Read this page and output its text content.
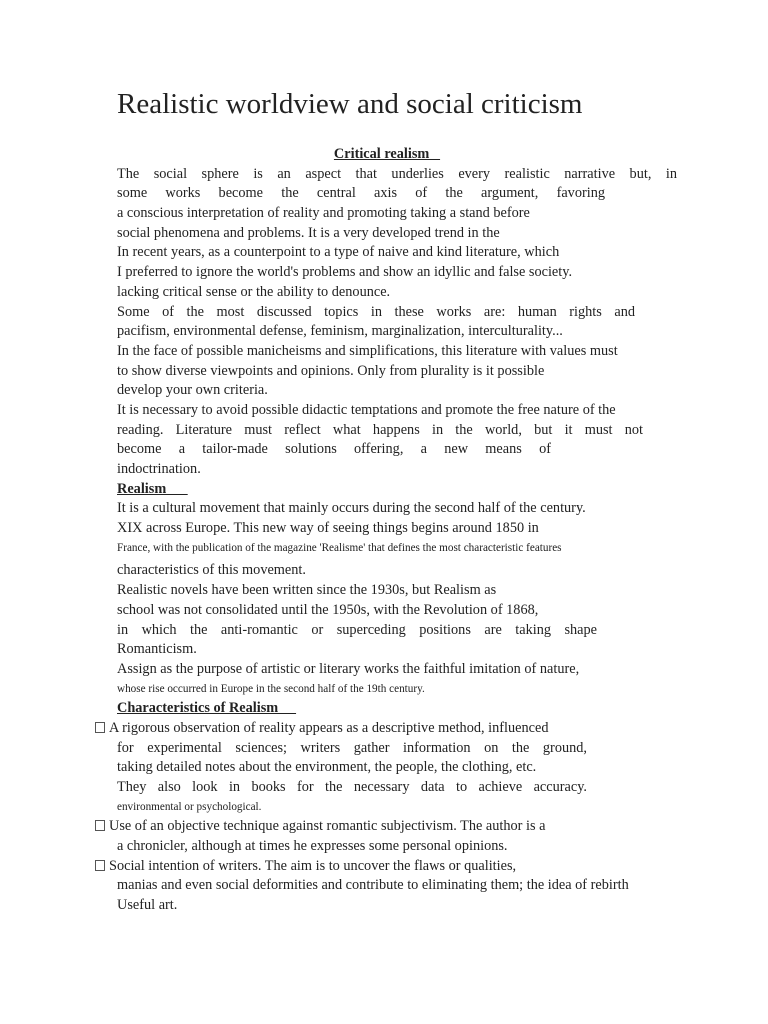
Realistic worldview and social criticism
Critical realism
The social sphere is an aspect that underlies every realistic narrative but, in
some works become the central axis of the argument, favoring
a conscious interpretation of reality and promoting taking a stand before
social phenomena and problems. It is a very developed trend in the
In recent years, as a counterpoint to a type of naive and kind literature, which
I preferred to ignore the world's problems and show an idyllic and false society.
lacking critical sense or the ability to denounce.
Some of the most discussed topics in these works are: human rights and
pacifism, environmental defense, feminism, marginalization, interculturality...
In the face of possible manicheisms and simplifications, this literature with values must
to show diverse viewpoints and opinions. Only from plurality is it possible
develop your own criteria.
It is necessary to avoid possible didactic temptations and promote the free nature of the
reading. Literature must reflect what happens in the world, but it must not
become a tailor-made solutions offering, a new means of
indoctrination.
Realism
It is a cultural movement that mainly occurs during the second half of the century.
XIX across Europe. This new way of seeing things begins around 1850 in
France, with the publication of the magazine 'Realisme' that defines the most characteristic features
characteristics of this movement.
Realistic novels have been written since the 1930s, but Realism as
school was not consolidated until the 1950s, with the Revolution of 1868,
in which the anti-romantic or superceding positions are taking shape
Romanticism.
Assign as the purpose of artistic or literary works the faithful imitation of nature,
whose rise occurred in Europe in the second half of the 19th century.
Characteristics of Realism
A rigorous observation of reality appears as a descriptive method, influenced
for experimental sciences; writers gather information on the ground,
taking detailed notes about the environment, the people, the clothing, etc.
They also look in books for the necessary data to achieve accuracy.
environmental or psychological.
Use of an objective technique against romantic subjectivism. The author is a
a chronicler, although at times he expresses some personal opinions.
Social intention of writers. The aim is to uncover the flaws or qualities,
manias and even social deformities and contribute to eliminating them; the idea of rebirth
Useful art.
